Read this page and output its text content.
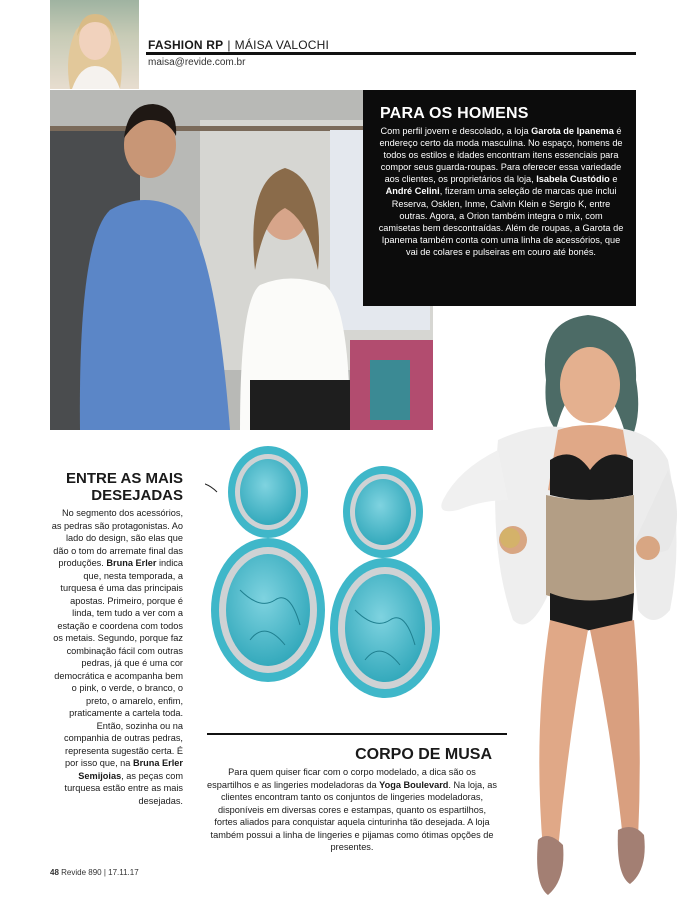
FASHION RP | MÁISA VALOCHI
maisa@revide.com.br
PARA OS HOMENS
Com perfil jovem e descolado, a loja Garota de Ipanema é endereço certo da moda masculina. No espaço, homens de todos os estilos e idades encontram itens essenciais para compor seus guarda-roupas. Para oferecer essa variedade aos clientes, os proprietários da loja, Isabela Custódio e André Celini, fizeram uma seleção de marcas que inclui Reserva, Osklen, Inme, Calvin Klein e Sergio K, entre outras. Agora, a Orion também integra o mix, com camisetas bem descontraídas. Além de roupas, a Garota de Ipanema também conta com uma linha de acessórios, que vai de colares e pulseiras em couro até bonés.
ENTRE AS MAIS
DESEJADAS
No segmento dos acessórios, as pedras são protagonistas. Ao lado do design, são elas que dão o tom do arremate final das produções. Bruna Erler indica que, nesta temporada, a turquesa é uma das principais apostas. Primeiro, porque é linda, tem tudo a ver com a estação e coordena com todos os metais. Segundo, porque faz combinação fácil com outras pedras, já que é uma cor democrática e acompanha bem o pink, o verde, o branco, o preto, o amarelo, enfim, praticamente a cartela toda. Então, sozinha ou na companhia de outras pedras, representa sugestão certa. É por isso que, na Bruna Erler Semijoias, as peças com turquesa estão entre as mais desejadas.
CORPO DE MUSA
Para quem quiser ficar com o corpo modelado, a dica são os espartilhos e as lingeries modeladoras da Yoga Boulevard. Na loja, as clientes encontram tanto os conjuntos de lingeries modeladoras, disponíveis em diversas cores e estampas, quanto os espartilhos, fortes aliados para conquistar aquela cinturinha tão desejada. A loja também possui a linha de lingeries e pijamas como ótimas opções de presentes.
48 Revide 890 | 17.11.17
